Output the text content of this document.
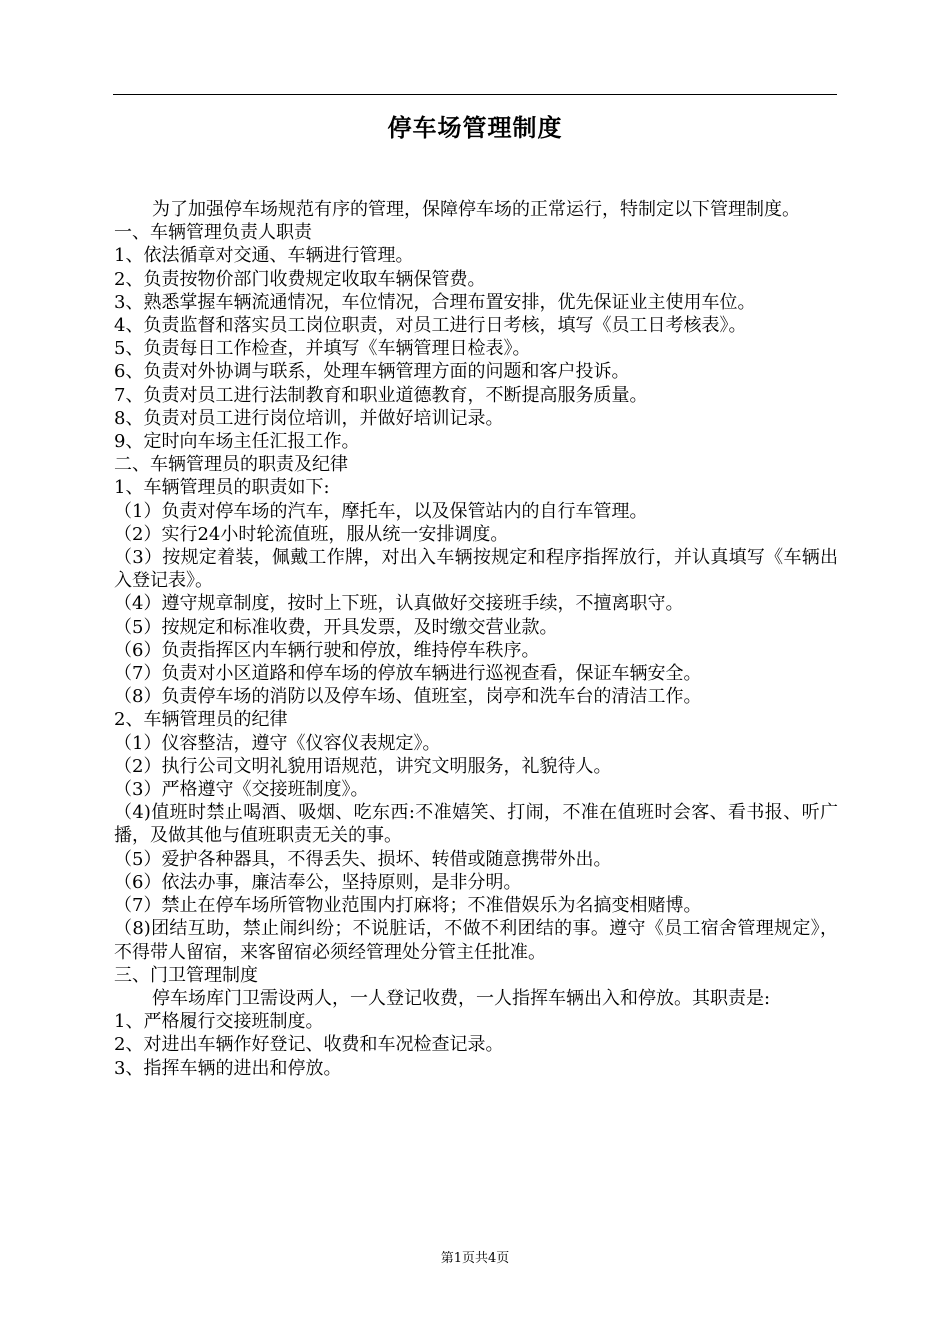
停车场管理制度

为了加强停车场规范有序的管理，保障停车场的正常运行，特制定以下管理制度。

一、车辆管理负责人职责

1、依法循章对交通、车辆进行管理。

2、负责按物价部门收费规定收取车辆保管费。

3、熟悉掌握车辆流通情况，车位情况，合理布置安排，优先保证业主使用车位。

4、负责监督和落实员工岗位职责，对员工进行日考核，填写《员工日考核表》。

5、负责每日工作检查，并填写《车辆管理日检表》。

6、负责对外协调与联系，处理车辆管理方面的问题和客户投诉。

7、负责对员工进行法制教育和职业道德教育，不断提高服务质量。

8、负责对员工进行岗位培训，并做好培训记录。

9、定时向车场主任汇报工作。

二、车辆管理员的职责及纪律

1、车辆管理员的职责如下:

（1）负责对停车场的汽车，摩托车，以及保管站内的自行车管理。

（2）实行24小时轮流值班，服从统一安排调度。

（3）按规定着装，佩戴工作牌，对出入车辆按规定和程序指挥放行，并认真填写《车辆出入登记表》。

（4）遵守规章制度，按时上下班，认真做好交接班手续，不擅离职守。

（5）按规定和标准收费，开具发票，及时缴交营业款。

（6）负责指挥区内车辆行驶和停放，维持停车秩序。

（7）负责对小区道路和停车场的停放车辆进行巡视查看，保证车辆安全。

（8）负责停车场的消防以及停车场、值班室，岗亭和洗车台的清洁工作。

2、车辆管理员的纪律

（1）仪容整洁，遵守《仪容仪表规定》。

（2）执行公司文明礼貌用语规范，讲究文明服务，礼貌待人。

（3）严格遵守《交接班制度》。

（4)值班时禁止喝酒、吸烟、吃东西:不准嬉笑、打闹，不准在值班时会客、看书报、听广播，及做其他与值班职责无关的事。

（5）爱护各种器具，不得丢失、损坏、转借或随意携带外出。

（6）依法办事，廉洁奉公，坚持原则，是非分明。

（7）禁止在停车场所管物业范围内打麻将；不准借娱乐为名搞变相赌博。

（8)团结互助，禁止闹纠纷；不说脏话，不做不利团结的事。遵守《员工宿舍管理规定》，不得带人留宿，来客留宿必须经管理处分管主任批准。

三、门卫管理制度

停车场库门卫需设两人，一人登记收费，一人指挥车辆出入和停放。其职责是:

1、严格履行交接班制度。

2、对进出车辆作好登记、收费和车况检查记录。

3、指挥车辆的进出和停放。

第1页共4页
